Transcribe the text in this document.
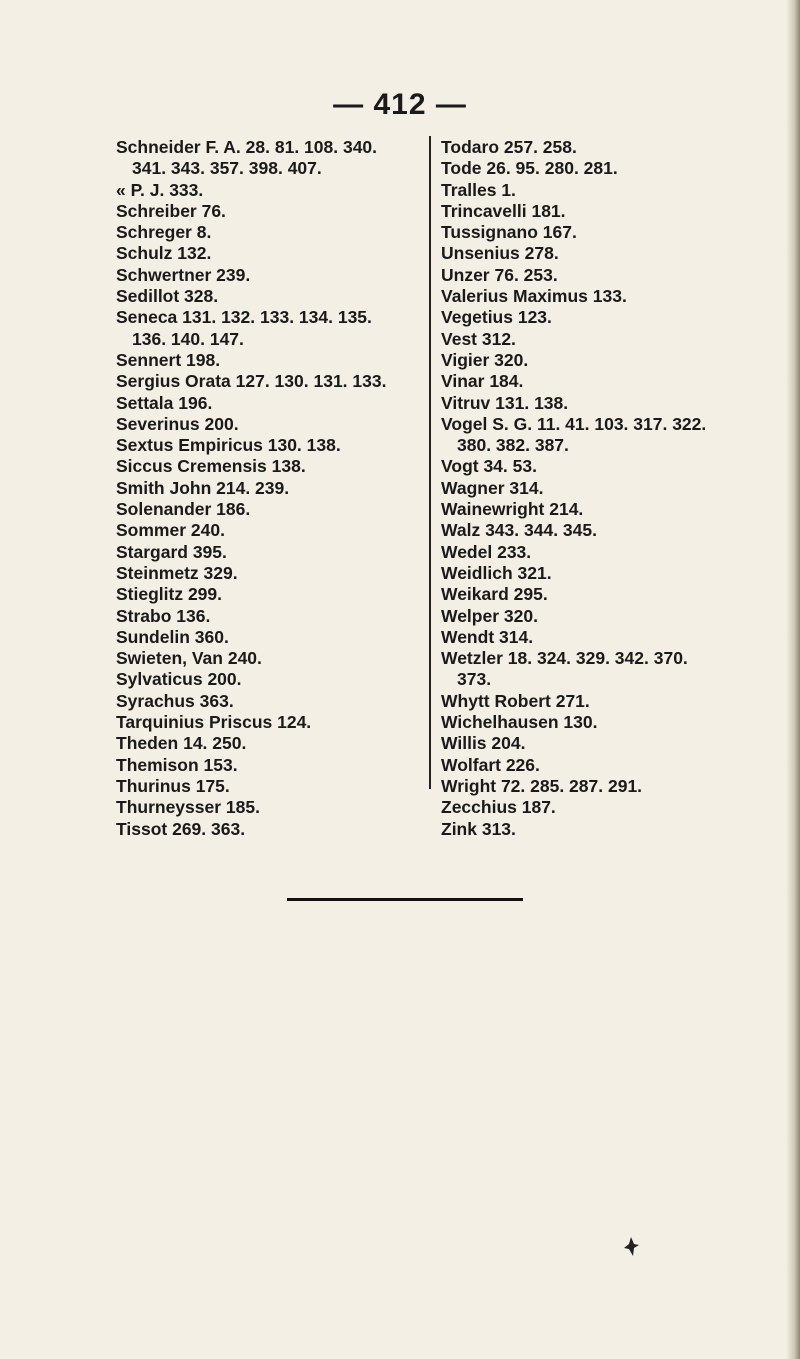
— 412 —
Schneider F. A. 28. 81. 108. 340.
341. 343. 357. 398. 407.
« P. J. 333.
Schreiber 76.
Schreger 8.
Schulz 132.
Schwertner 239.
Sedillot 328.
Seneca 131. 132. 133. 134. 135.
136. 140. 147.
Sennert 198.
Sergius Orata 127. 130. 131. 133.
Settala 196.
Severinus 200.
Sextus Empiricus 130. 138.
Siccus Cremensis 138.
Smith John 214. 239.
Solenander 186.
Sommer 240.
Stargard 395.
Steinmetz 329.
Stieglitz 299.
Strabo 136.
Sundelin 360.
Swieten, Van 240.
Sylvaticus 200.
Syrachus 363.
Tarquinius Priscus 124.
Theden 14. 250.
Themison 153.
Thurinus 175.
Thurneysser 185.
Tissot 269. 363.
Todaro 257. 258.
Tode 26. 95. 280. 281.
Tralles 1.
Trincavelli 181.
Tussignano 167.
Unsenius 278.
Unzer 76. 253.
Valerius Maximus 133.
Vegetius 123.
Vest 312.
Vigier 320.
Vinar 184.
Vitruv 131. 138.
Vogel S. G. 11. 41. 103. 317. 322.
380. 382. 387.
Vogt 34. 53.
Wagner 314.
Wainewright 214.
Walz 343. 344. 345.
Wedel 233.
Weidlich 321.
Weikard 295.
Welper 320.
Wendt 314.
Wetzler 18. 324. 329. 342. 370.
373.
Whytt Robert 271.
Wichelhausen 130.
Willis 204.
Wolfart 226.
Wright 72. 285. 287. 291.
Zecchius 187.
Zink 313.
